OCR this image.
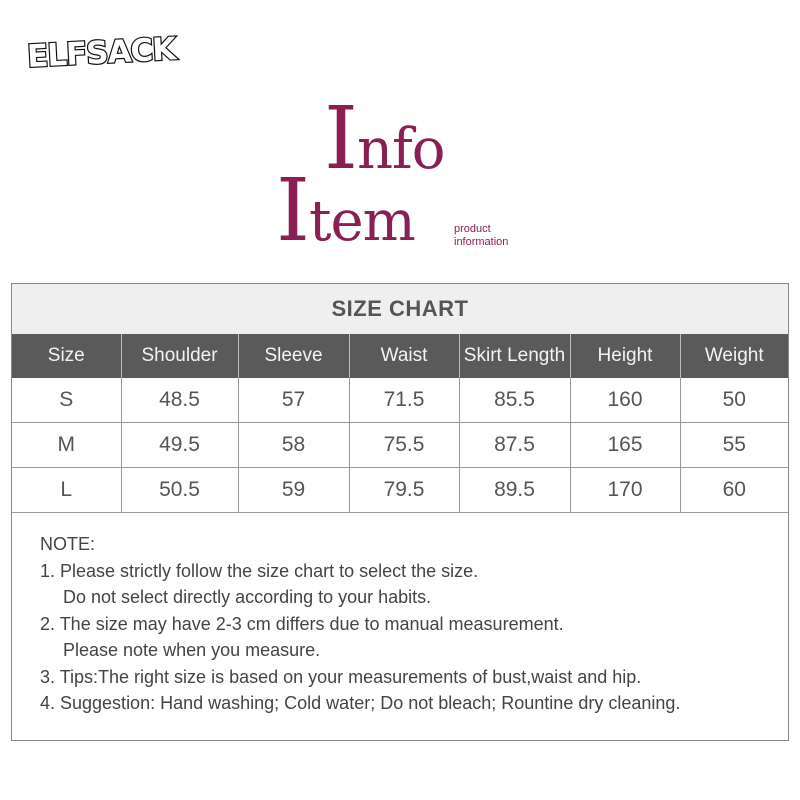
ELFSACK
Info
Item	product
information
SIZE CHART
Size	Shoulder	Sleeve	Waist	Skirt Length	Height	Weight
S	48.5	57	71.5	85.5	160	50
M	49.5	58	75.5	87.5	165	55
L	50.5	59	79.5	89.5	170	60
NOTE:
1. Please strictly follow the size chart to select the size.
Do not select directly according to your habits.
2. The size may have 2-3 cm differs due to manual measurement.
Please note when you measure.
3. Tips:The right size is based on your measurements of bust,waist and hip.
4. Suggestion: Hand washing; Cold water; Do not bleach; Rountine dry cleaning.
